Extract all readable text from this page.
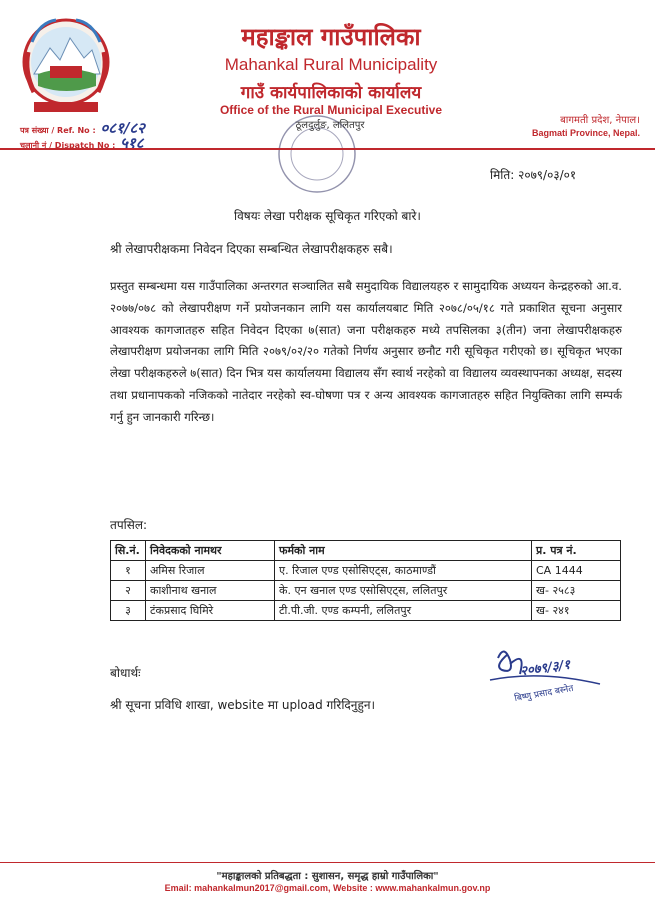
महाङ्काल गाउँपालिका
Mahankal Rural Municipality
गाउँ कार्यपालिकाको कार्यालय
Office of the Rural Municipal Executive
ठूलदुर्लुङ, ललितपुर
पत्र संख्या / Ref. No : ०८१/८२
चलानी नं / Dispatch No : ५१८
बागमती प्रदेश, नेपाल।
Bagmati Province, Nepal.
मिति: २०७९/०३/०१
विषयः लेखा परीक्षक सूचिकृत गरिएको बारे।
श्री लेखापरीक्षकमा निवेदन दिएका सम्बन्धित लेखापरीक्षकहरु सबै।

प्रस्तुत सम्बन्धमा यस गाउँपालिका अन्तरगत सञ्चालित सबै समुदायिक विद्यालयहरु र सामुदायिक अध्ययन केन्द्रहरुको आ.व. २०७७/०७८ को लेखापरीक्षण गर्ने प्रयोजनकान लागि यस कार्यालयबाट मिति २०७८/०५/१८ गते प्रकाशित सूचना अनुसार आवश्यक कागजातहरु सहित निवेदन दिएका ७(सात) जना परीक्षकहरु मध्ये तपसिलका ३(तीन) जना लेखापरीक्षकहरु लेखापरीक्षण प्रयोजनका लागि मिति २०७९/०२/२० गतेको निर्णय अनुसार छनौट गरी सूचिकृत गरीएको छ। सूचिकृत भएका लेखा परीक्षकहरुले ७(सात) दिन भित्र यस कार्यालयमा विद्यालय सँग स्वार्थ नरहेको वा विद्यालय व्यवस्थापनका अध्यक्ष, सदस्य तथा प्रधानापकको नजिकको नातेदार नरहेको स्व-घोषणा पत्र र अन्य आवश्यक कागजातहरु सहित नियुक्तिका लागि सम्पर्क गर्नु हुन जानकारी गरिन्छ।

तपसिल:
सि.नं.	निवेदकको नामथर	फर्मको नाम	प्र. पत्र नं.
१	अमिस रिजाल	ए. रिजाल एण्ड एसोसिएट्स, काठमाण्डौं	CA 1444
२	काशीनाथ खनाल	के. एन खनाल एण्ड एसोसिएट्स, ललितपुर	ख- २५८३
३	टंकप्रसाद घिमिरे	टी.पी.जी. एण्ड कम्पनी, ललितपुर	ख- २४१
बोधार्थः
श्री सूचना प्रविधि शाखा, website मा upload गरिदिनुहुन।
२०७९/३/१
बिष्णु प्रसाद बस्नेत
"महाङ्कालको प्रतिबद्धता : सुशासन, समृद्ध हाम्रो गाउँपालिका"
Email: mahankalmun2017@gmail.com, Website : www.mahankalmun.gov.np
